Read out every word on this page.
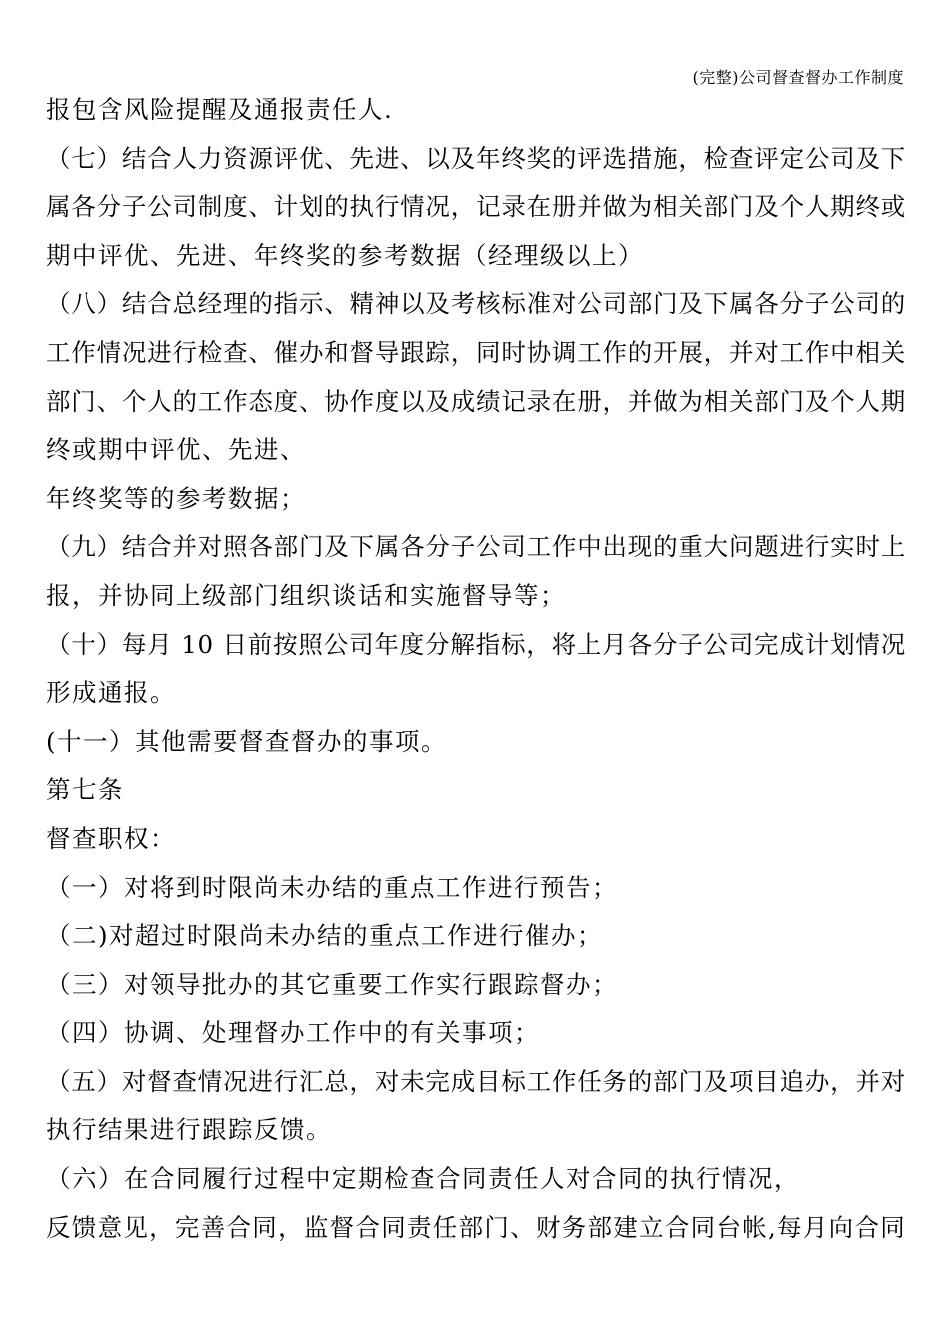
(完整)公司督查督办工作制度
报包含风险提醒及通报责任人.
（七）结合人力资源评优、先进、以及年终奖的评选措施，检查评定公司及下
属各分子公司制度、计划的执行情况，记录在册并做为相关部门及个人期终或
期中评优、先进、年终奖的参考数据（经理级以上）
（八）结合总经理的指示、精神以及考核标准对公司部门及下属各分子公司的
工作情况进行检查、催办和督导跟踪，同时协调工作的开展，并对工作中相关
部门、个人的工作态度、协作度以及成绩记录在册，并做为相关部门及个人期
终或期中评优、先进、
年终奖等的参考数据；
（九）结合并对照各部门及下属各分子公司工作中出现的重大问题进行实时上
报，并协同上级部门组织谈话和实施督导等；
（十）每月 10 日前按照公司年度分解指标，将上月各分子公司完成计划情况
形成通报。
(十一）其他需要督查督办的事项。
第七条
督查职权：
（一）对将到时限尚未办结的重点工作进行预告；
（二)对超过时限尚未办结的重点工作进行催办；
（三）对领导批办的其它重要工作实行跟踪督办；
（四）协调、处理督办工作中的有关事项；
（五）对督查情况进行汇总，对未完成目标工作任务的部门及项目追办，并对
执行结果进行跟踪反馈。
（六）在合同履行过程中定期检查合同责任人对合同的执行情况，
反馈意见，完善合同，监督合同责任部门、财务部建立合同台帐,每月向合同
